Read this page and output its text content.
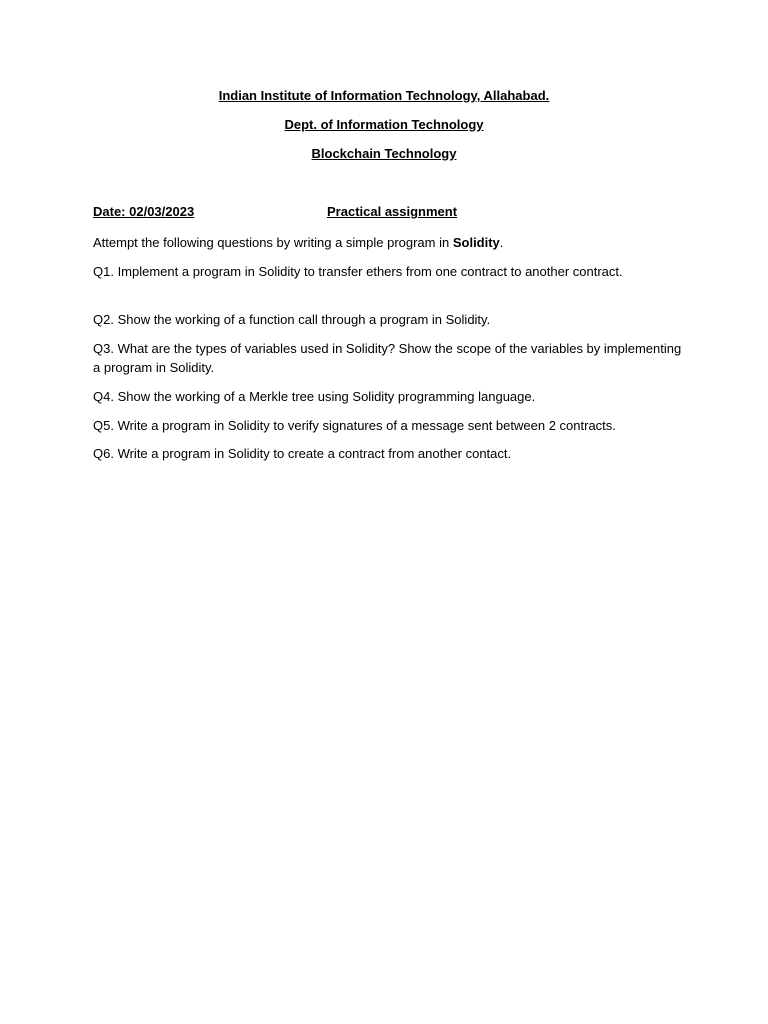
Indian Institute of Information Technology, Allahabad.
Dept. of Information Technology
Blockchain Technology
Date: 02/03/2023	Practical assignment
Attempt the following questions by writing a simple program in Solidity.
Q1. Implement a program in Solidity to transfer ethers from one contract to another contract.
Q2. Show the working of a function call through a program in Solidity.
Q3. What are the types of variables used in Solidity? Show the scope of the variables by implementing a program in Solidity.
Q4. Show the working of a Merkle tree using Solidity programming language.
Q5. Write a program in Solidity to verify signatures of a message sent between 2 contracts.
Q6. Write a program in Solidity to create a contract from another contact.
